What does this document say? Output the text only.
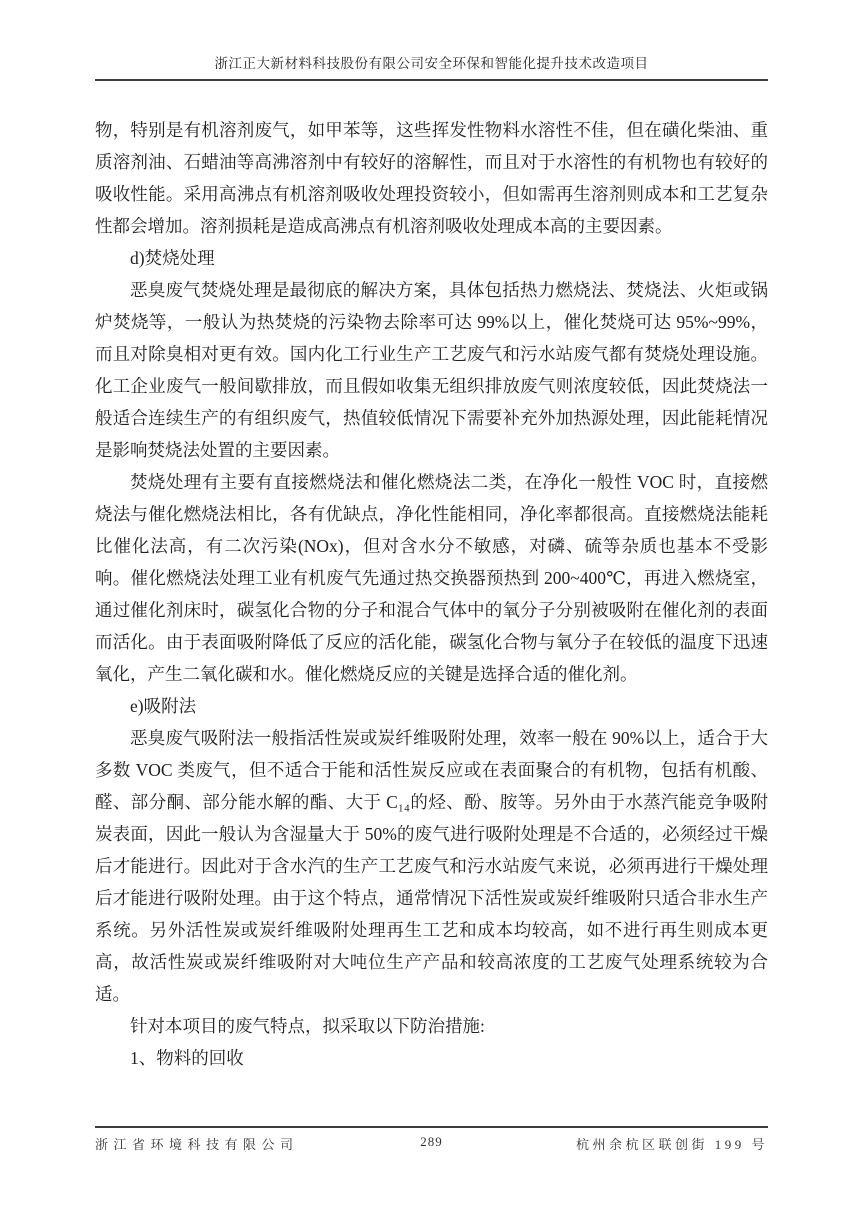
浙江正大新材料科技股份有限公司安全环保和智能化提升技术改造项目

物，特别是有机溶剂废气，如甲苯等，这些挥发性物料水溶性不佳，但在磺化柴油、重质溶剂油、石蜡油等高沸溶剂中有较好的溶解性，而且对于水溶性的有机物也有较好的吸收性能。采用高沸点有机溶剂吸收处理投资较小，但如需再生溶剂则成本和工艺复杂性都会增加。溶剂损耗是造成高沸点有机溶剂吸收处理成本高的主要因素。

d)焚烧处理

恶臭废气焚烧处理是最彻底的解决方案，具体包括热力燃烧法、焚烧法、火炬或锅炉焚烧等，一般认为热焚烧的污染物去除率可达 99%以上，催化焚烧可达 95%~99%，而且对除臭相对更有效。国内化工行业生产工艺废气和污水站废气都有焚烧处理设施。化工企业废气一般间歇排放，而且假如收集无组织排放废气则浓度较低，因此焚烧法一般适合连续生产的有组织废气，热值较低情况下需要补充外加热源处理，因此能耗情况是影响焚烧法处置的主要因素。

焚烧处理有主要有直接燃烧法和催化燃烧法二类，在净化一般性 VOC 时，直接燃烧法与催化燃烧法相比，各有优缺点，净化性能相同，净化率都很高。直接燃烧法能耗比催化法高，有二次污染(NOx)，但对含水分不敏感，对磷、硫等杂质也基本不受影响。催化燃烧法处理工业有机废气先通过热交换器预热到 200~400℃，再进入燃烧室，通过催化剂床时，碳氢化合物的分子和混合气体中的氧分子分别被吸附在催化剂的表面而活化。由于表面吸附降低了反应的活化能，碳氢化合物与氧分子在较低的温度下迅速氧化，产生二氧化碳和水。催化燃烧反应的关键是选择合适的催化剂。

e)吸附法

恶臭废气吸附法一般指活性炭或炭纤维吸附处理，效率一般在 90%以上，适合于大多数 VOC 类废气，但不适合于能和活性炭反应或在表面聚合的有机物，包括有机酸、醛、部分酮、部分能水解的酯、大于 C₁₄的烃、酚、胺等。另外由于水蒸汽能竞争吸附炭表面，因此一般认为含湿量大于 50%的废气进行吸附处理是不合适的，必须经过干燥后才能进行。因此对于含水汽的生产工艺废气和污水站废气来说，必须再进行干燥处理后才能进行吸附处理。由于这个特点，通常情况下活性炭或炭纤维吸附只适合非水生产系统。另外活性炭或炭纤维吸附处理再生工艺和成本均较高，如不进行再生则成本更高，故活性炭或炭纤维吸附对大吨位生产产品和较高浓度的工艺废气处理系统较为合适。

针对本项目的废气特点，拟采取以下防治措施:

1、物料的回收

289
浙江省环境科技有限公司	杭州余杭区联创街 199 号
